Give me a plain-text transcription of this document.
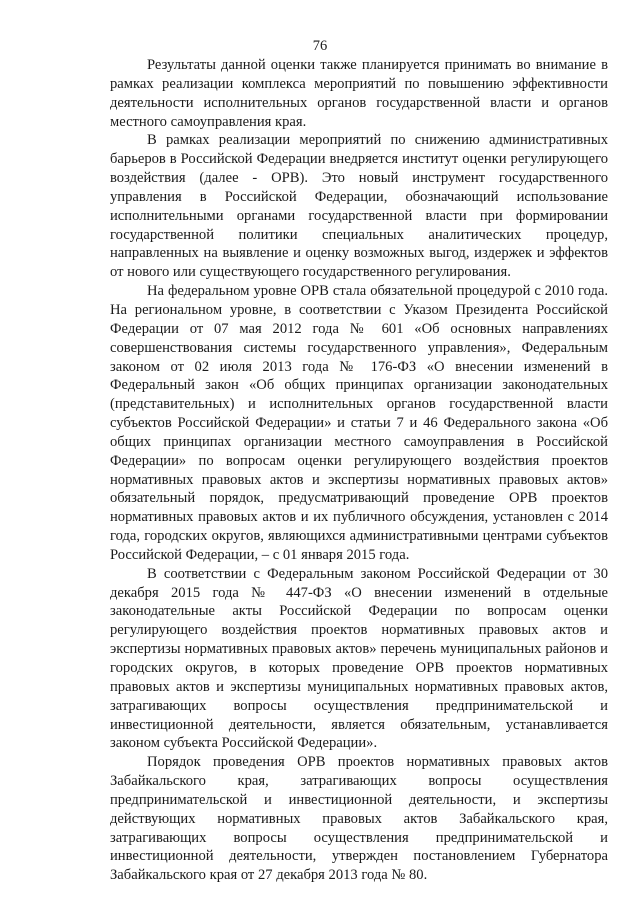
76

Результаты данной оценки также планируется принимать во внимание в рамках реализации комплекса мероприятий по повышению эффективности деятельности исполнительных органов государственной власти и органов местного самоуправления края.

В рамках реализации мероприятий по снижению административных барьеров в Российской Федерации внедряется институт оценки регулирующего воздействия (далее - ОРВ). Это новый инструмент государственного управления в Российской Федерации, обозначающий использование исполнительными органами государственной власти при формировании государственной политики специальных аналитических процедур, направленных на выявление и оценку возможных выгод, издержек и эффектов от нового или существующего государственного регулирования.

На федеральном уровне ОРВ стала обязательной процедурой с 2010 года. На региональном уровне, в соответствии с Указом Президента Российской Федерации от 07 мая 2012 года № 601 «Об основных направлениях совершенствования системы государственного управления», Федеральным законом от 02 июля 2013 года № 176-ФЗ «О внесении изменений в Федеральный закон «Об общих принципах организации законодательных (представительных) и исполнительных органов государственной власти субъектов Российской Федерации» и статьи 7 и 46 Федерального закона «Об общих принципах организации местного самоуправления в Российской Федерации» по вопросам оценки регулирующего воздействия проектов нормативных правовых актов и экспертизы нормативных правовых актов» обязательный порядок, предусматривающий проведение ОРВ проектов нормативных правовых актов и их публичного обсуждения, установлен с 2014 года, городских округов, являющихся административными центрами субъектов Российской Федерации, – с 01 января 2015 года.

В соответствии с Федеральным законом Российской Федерации от 30 декабря 2015 года № 447-ФЗ «О внесении изменений в отдельные законодательные акты Российской Федерации по вопросам оценки регулирующего воздействия проектов нормативных правовых актов и экспертизы нормативных правовых актов» перечень муниципальных районов и городских округов, в которых проведение ОРВ проектов нормативных правовых актов и экспертизы муниципальных нормативных правовых актов, затрагивающих вопросы осуществления предпринимательской и инвестиционной деятельности, является обязательным, устанавливается законом субъекта Российской Федерации».

Порядок проведения ОРВ проектов нормативных правовых актов Забайкальского края, затрагивающих вопросы осуществления предпринимательской и инвестиционной деятельности, и экспертизы действующих нормативных правовых актов Забайкальского края, затрагивающих вопросы осуществления предпринимательской и инвестиционной деятельности, утвержден постановлением Губернатора Забайкальского края от 27 декабря 2013 года № 80.
